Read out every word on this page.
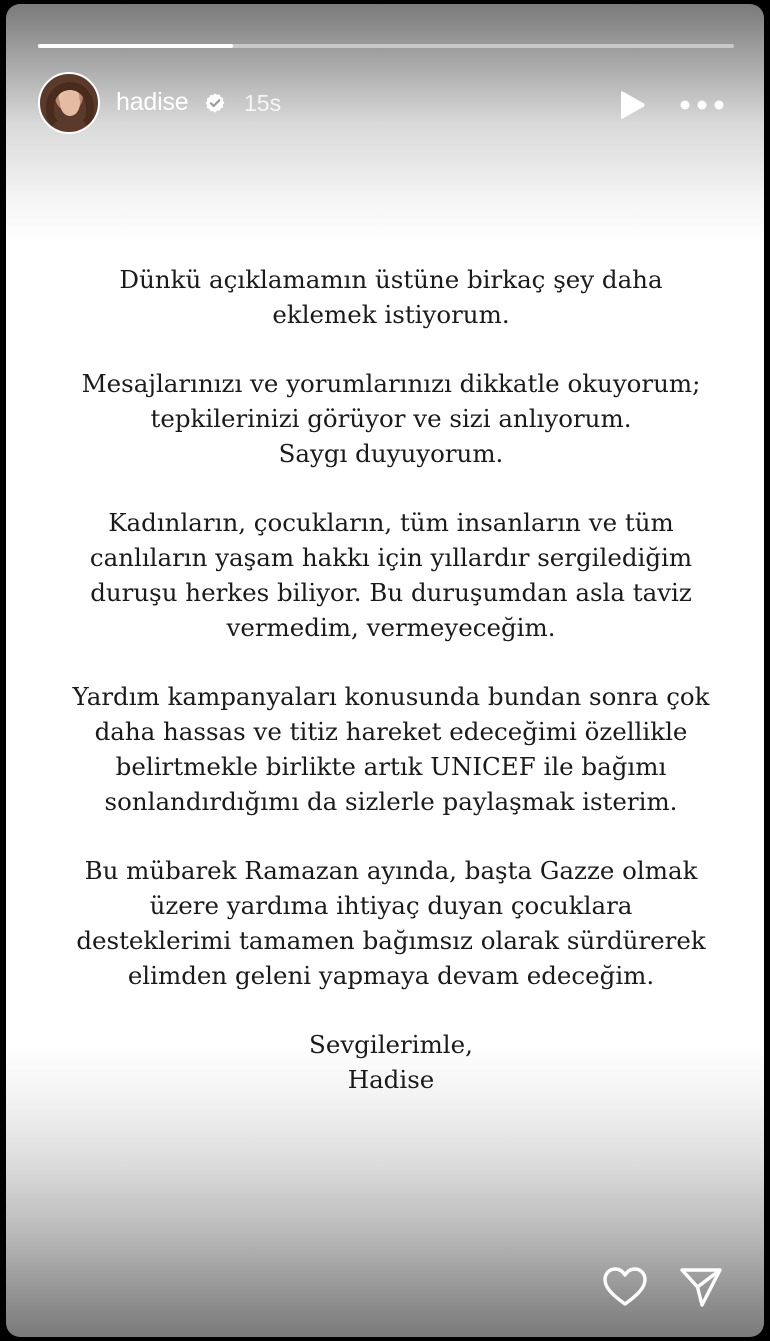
hadise 15s
Dünkü açıklamamın üstüne birkaç şey daha
eklemek istiyorum.
Mesajlarınızı ve yorumlarınızı dikkatle okuyorum;
tepkilerinizi görüyor ve sizi anlıyorum.
Saygı duyuyorum.
Kadınların, çocukların, tüm insanların ve tüm
canlıların yaşam hakkı için yıllardır sergilediğim
duruşu herkes biliyor. Bu duruşumdan asla taviz
vermedim, vermeyeceğim.
Yardım kampanyaları konusunda bundan sonra çok
daha hassas ve titiz hareket edeceğimi özellikle
belirtmekle birlikte artık UNICEF ile bağımı
sonlandırdığımı da sizlerle paylaşmak isterim.
Bu mübarek Ramazan ayında, başta Gazze olmak
üzere yardıma ihtiyaç duyan çocuklara
desteklerimi tamamen bağımsız olarak sürdürerek
elimden geleni yapmaya devam edeceğim.
Sevgilerimle,
Hadise
